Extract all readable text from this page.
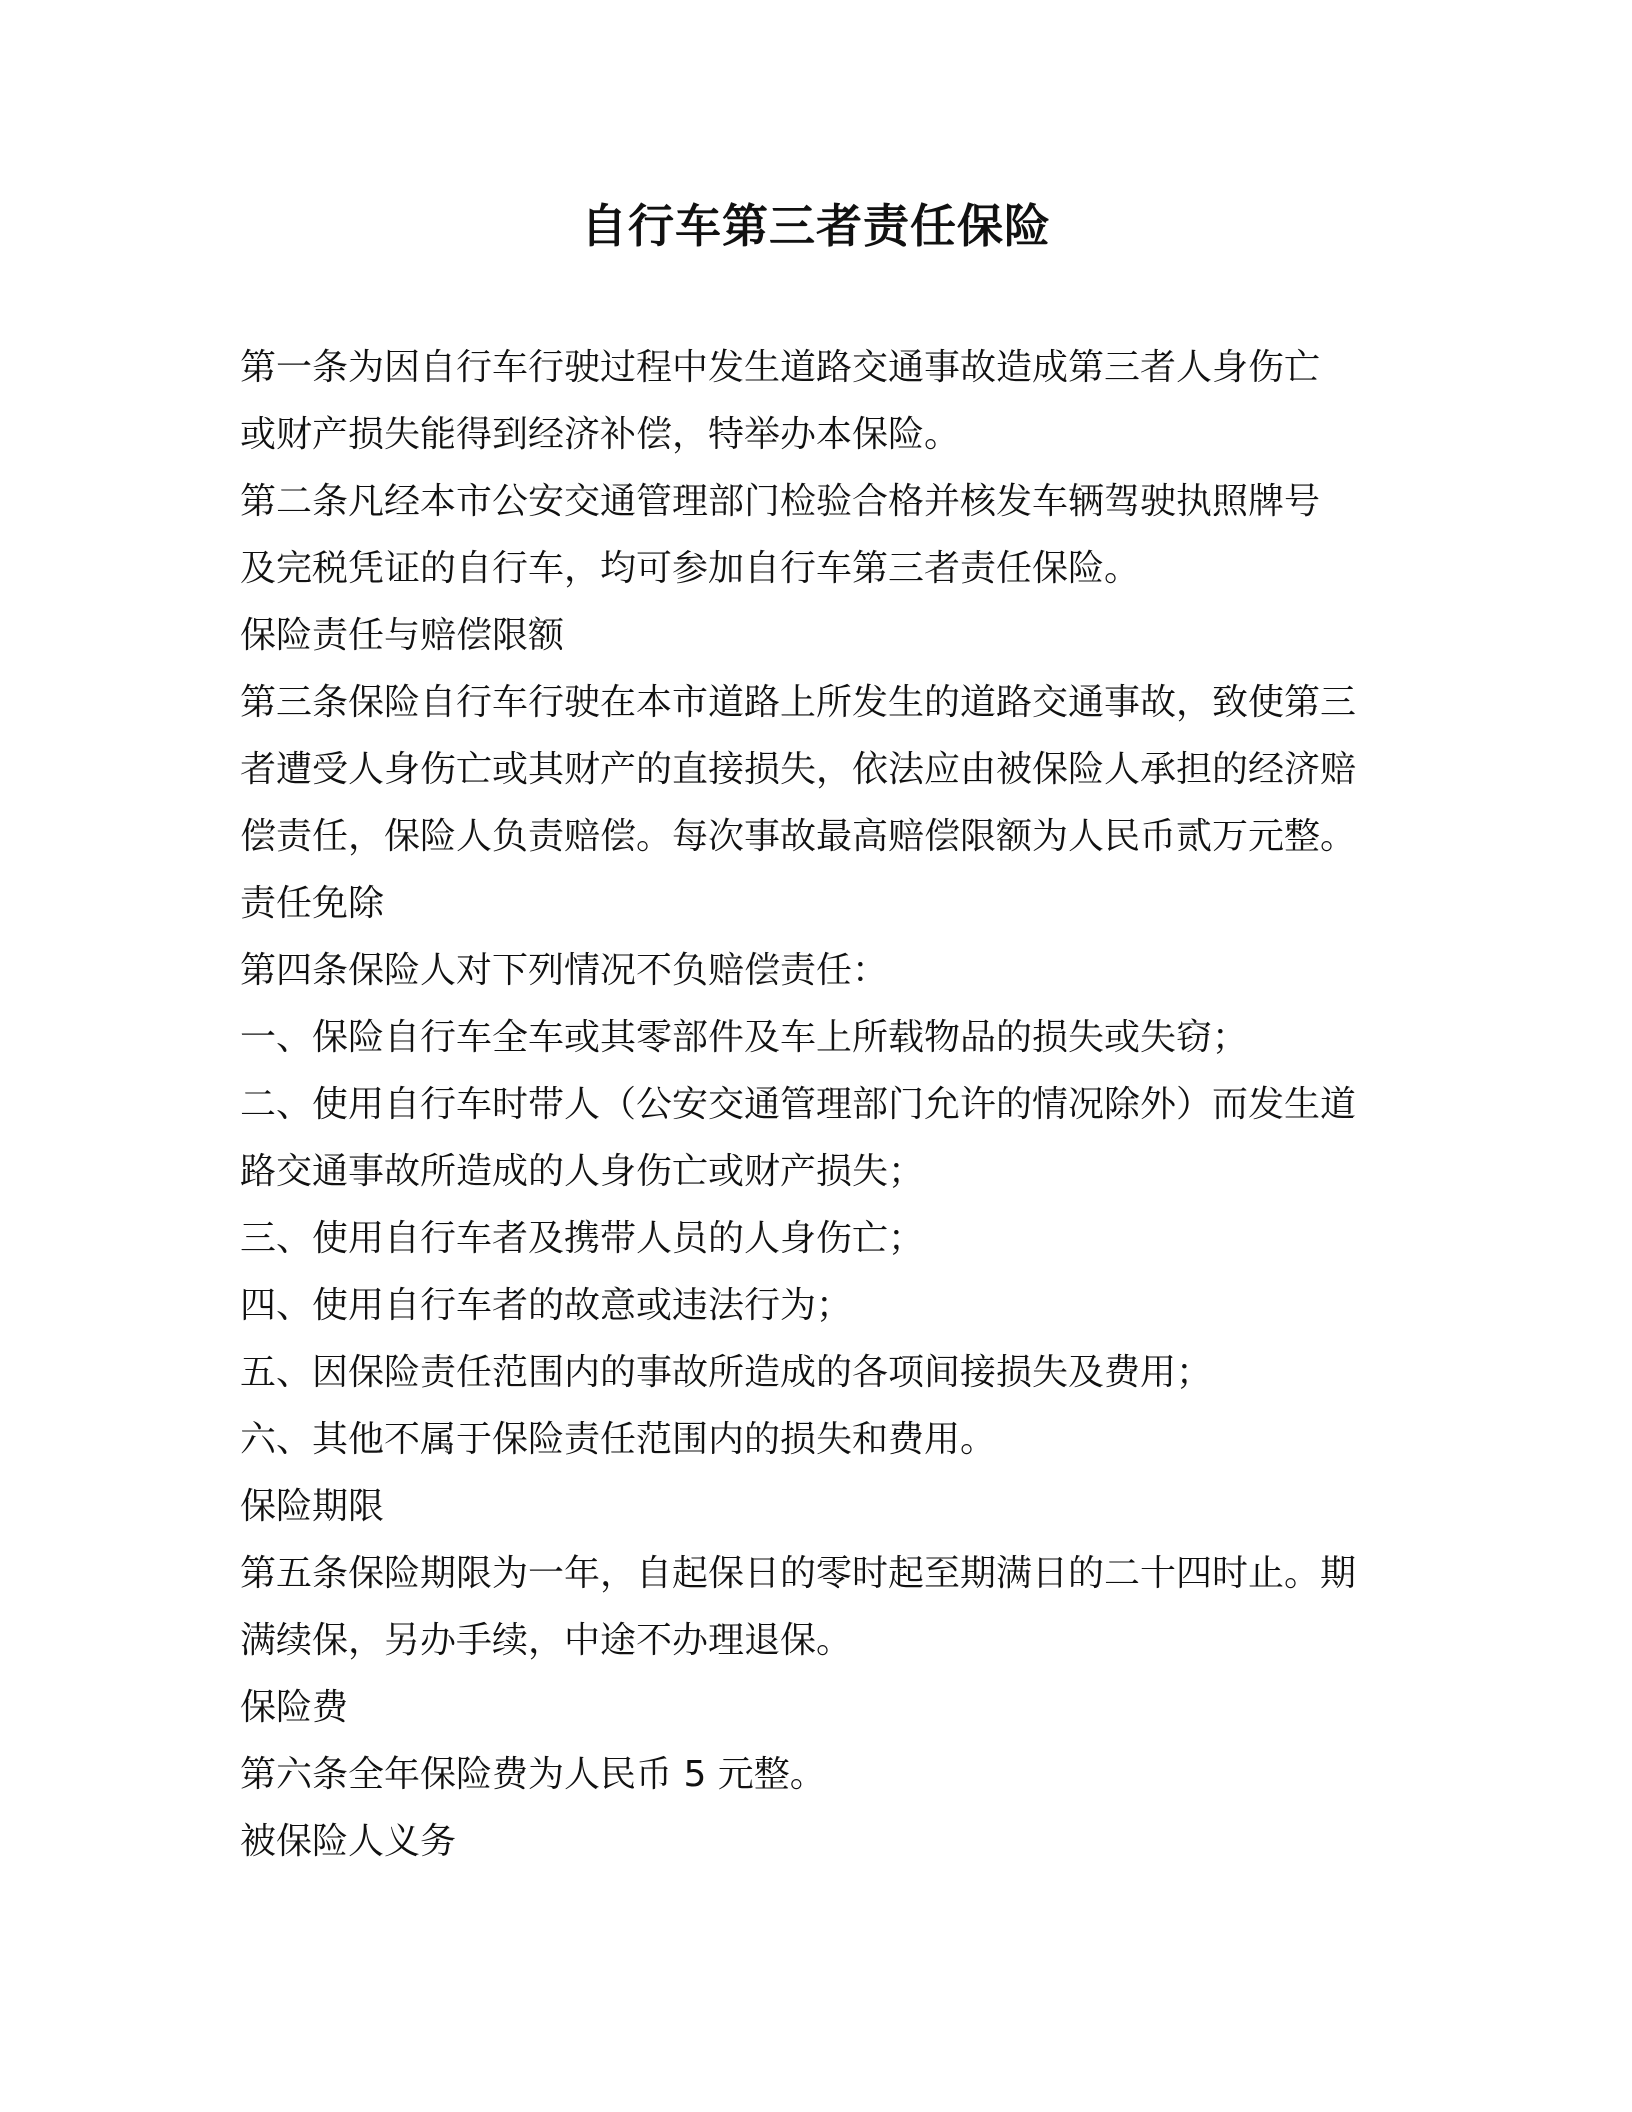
自行车第三者责任保险

第一条为因自行车行驶过程中发生道路交通事故造成第三者人身伤亡

或财产损失能得到经济补偿，特举办本保险。

第二条凡经本市公安交通管理部门检验合格并核发车辆驾驶执照牌号

及完税凭证的自行车，均可参加自行车第三者责任保险。

保险责任与赔偿限额

第三条保险自行车行驶在本市道路上所发生的道路交通事故，致使第三

者遭受人身伤亡或其财产的直接损失，依法应由被保险人承担的经济赔

偿责任，保险人负责赔偿。每次事故最高赔偿限额为人民币贰万元整。

责任免除

第四条保险人对下列情况不负赔偿责任：

一、保险自行车全车或其零部件及车上所载物品的损失或失窃；

二、使用自行车时带人（公安交通管理部门允许的情况除外）而发生道

路交通事故所造成的人身伤亡或财产损失；

三、使用自行车者及携带人员的人身伤亡；

四、使用自行车者的故意或违法行为；

五、因保险责任范围内的事故所造成的各项间接损失及费用；

六、其他不属于保险责任范围内的损失和费用。

保险期限

第五条保险期限为一年，自起保日的零时起至期满日的二十四时止。期

满续保，另办手续，中途不办理退保。

保险费

第六条全年保险费为人民币 5 元整。

被保险人义务
